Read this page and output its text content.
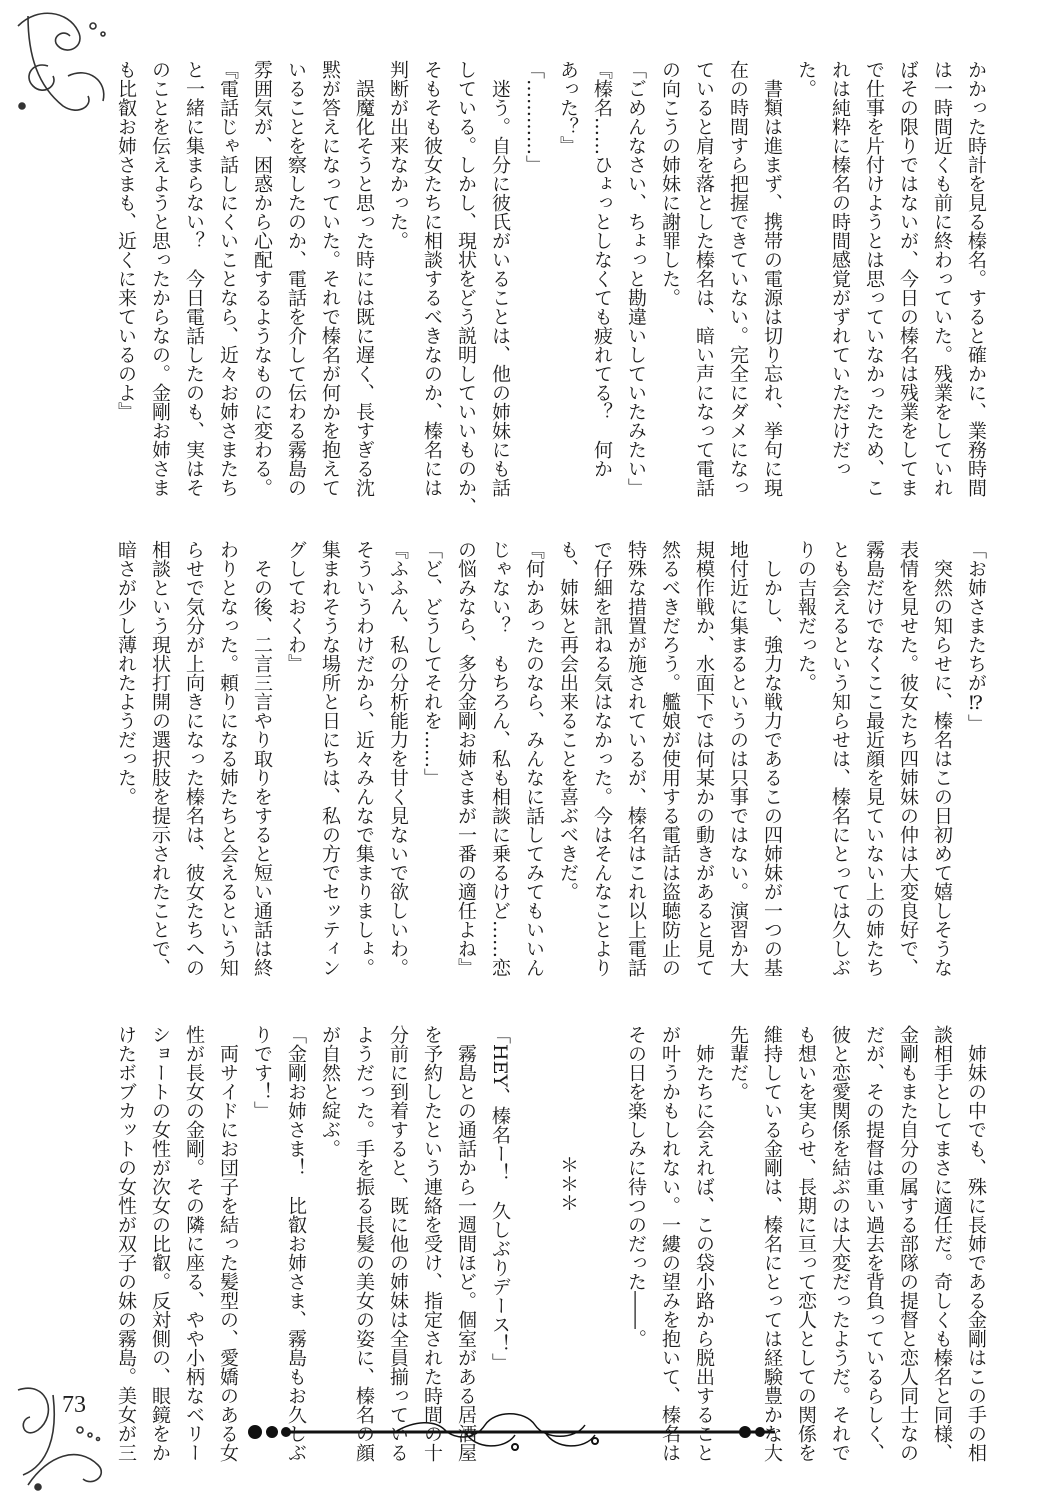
73
かかった時計を見る榛名。すると確かに、業務時間
は一時間近くも前に終わっていた。残業をしていれ
ばその限りではないが、今日の榛名は残業をしてま
で仕事を片付けようとは思っていなかったため、こ
れは純粋に榛名の時間感覚がずれていただけだっ
た。
　書類は進まず、携帯の電源は切り忘れ、挙句に現
在の時間すら把握できていない。完全にダメになっ
ていると肩を落とした榛名は、暗い声になって電話
の向こうの姉妹に謝罪した。
「ごめんなさい、ちょっと勘違いしていたみたい」
『榛名……ひょっとしなくても疲れてる？　何か
あった？』
「…………」
　迷う。自分に彼氏がいることは、他の姉妹にも話
している。しかし、現状をどう説明していいものか、
そもそも彼女たちに相談するべきなのか、榛名には
判断が出来なかった。
　誤魔化そうと思った時には既に遅く、長すぎる沈
黙が答えになっていた。それで榛名が何かを抱えて
いることを察したのか、電話を介して伝わる霧島の
雰囲気が、困惑から心配するようなものに変わる。
『電話じゃ話しにくいことなら、近々お姉さまたち
と一緒に集まらない？　今日電話したのも、実はそ
のことを伝えようと思ったからなの。金剛お姉さま
も比叡お姉さまも、近くに来ているのよ』
「お姉さまたちが⁉」
　突然の知らせに、榛名はこの日初めて嬉しそうな
表情を見せた。彼女たち四姉妹の仲は大変良好で、
霧島だけでなくここ最近顔を見ていない上の姉たち
とも会えるという知らせは、榛名にとっては久しぶ
りの吉報だった。
　しかし、強力な戦力であるこの四姉妹が一つの基
地付近に集まるというのは只事ではない。演習か大
規模作戦か、水面下では何某かの動きがあると見て
然るべきだろう。艦娘が使用する電話は盗聴防止の
特殊な措置が施されているが、榛名はこれ以上電話
で仔細を訊ねる気はなかった。今はそんなことより
も、姉妹と再会出来ることを喜ぶべきだ。
『何かあったのなら、みんなに話してみてもいいん
じゃない？　もちろん、私も相談に乗るけど……恋
の悩みなら、多分金剛お姉さまが一番の適任よね』
「ど、どうしてそれを……」
『ふふん、私の分析能力を甘く見ないで欲しいわ。
そういうわけだから、近々みんなで集まりましょ。
集まれそうな場所と日にちは、私の方でセッティン
グしておくわ』
　その後、二言三言やり取りをすると短い通話は終
わりとなった。頼りになる姉たちと会えるという知
らせで気分が上向きになった榛名は、彼女たちへの
相談という現状打開の選択肢を提示されたことで、
暗さが少し薄れたようだった。
　姉妹の中でも、殊に長姉である金剛はこの手の相
談相手としてまさに適任だ。奇しくも榛名と同様、
金剛もまた自分の属する部隊の提督と恋人同士なの
だが、その提督は重い過去を背負っているらしく、
彼と恋愛関係を結ぶのは大変だったようだ。それで
も想いを実らせ、長期に亘って恋人としての関係を
維持している金剛は、榛名にとっては経験豊かな大
先輩だ。
　姉たちに会えれば、この袋小路から脱出すること
が叶うかもしれない。一縷の望みを抱いて、榛名は
その日を楽しみに待つのだった――。
＊＊＊
「HEY、榛名ー！　久しぶりデース！」
　霧島との通話から一週間ほど。個室がある居酒屋
を予約したという連絡を受け、指定された時間の十
分前に到着すると、既に他の姉妹は全員揃っている
ようだった。手を振る長髪の美女の姿に、榛名の顔
が自然と綻ぶ。
「金剛お姉さま！　比叡お姉さま、霧島もお久しぶ
りです！」
　両サイドにお団子を結った髪型の、愛嬌のある女
性が長女の金剛。その隣に座る、やや小柄なベリー
ショートの女性が次女の比叡。反対側の、眼鏡をか
けたボブカットの女性が双子の妹の霧島。美女が三
